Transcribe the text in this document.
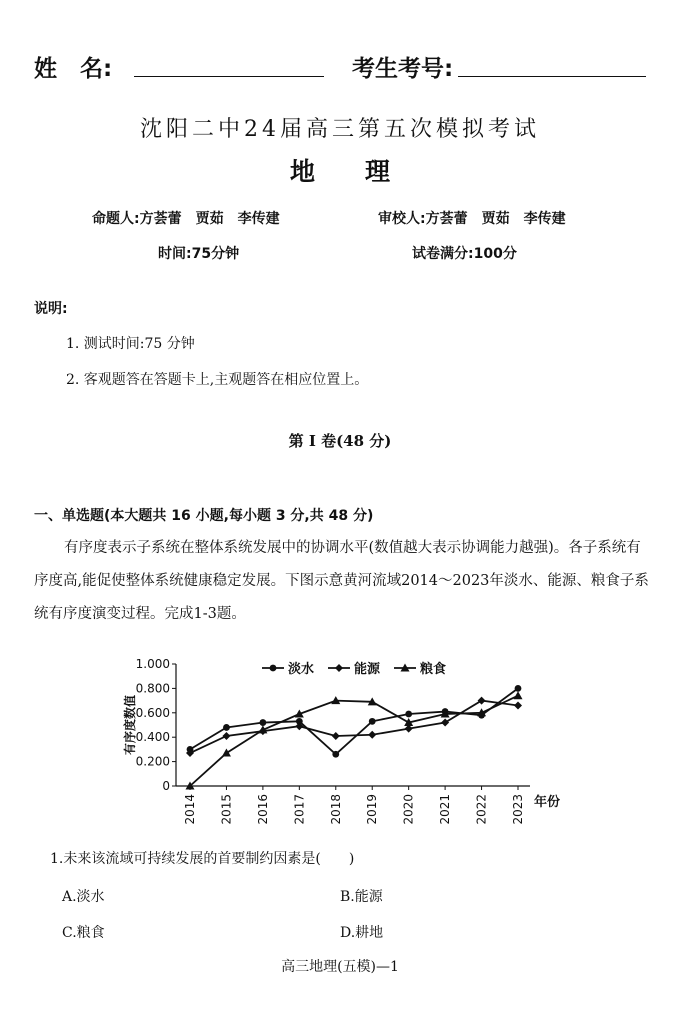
姓　名:	考生考号:
沈阳二中24届高三第五次模拟考试
地　　理
命题人:方荟蕾　贾茹　李传建	审校人:方荟蕾　贾茹　李传建
时间:75分钟	试卷满分:100分
说明:
1. 测试时间:75 分钟
2. 客观题答在答题卡上,主观题答在相应位置上。
第 I 卷(48 分)
一、单选题(本大题共 16 小题,每小题 3 分,共 48 分)
有序度表示子系统在整体系统发展中的协调水平(数值越大表示协调能力越强)。各子系统有序度高,能促使整体系统健康稳定发展。下图示意黄河流域2014～2023年淡水、能源、粮食子系统有序度演变过程。完成1-3题。
0
0.200
0.400
0.600
0.800
1.000
有序度数值
2014 2015 2016 2017 2018 2019 2020 2021 2022 2023 年份
淡水	能源	粮食
1.未来该流域可持续发展的首要制约因素是(　　)
A.淡水	B.能源
C.粮食	D.耕地
高三地理(五模)—1
